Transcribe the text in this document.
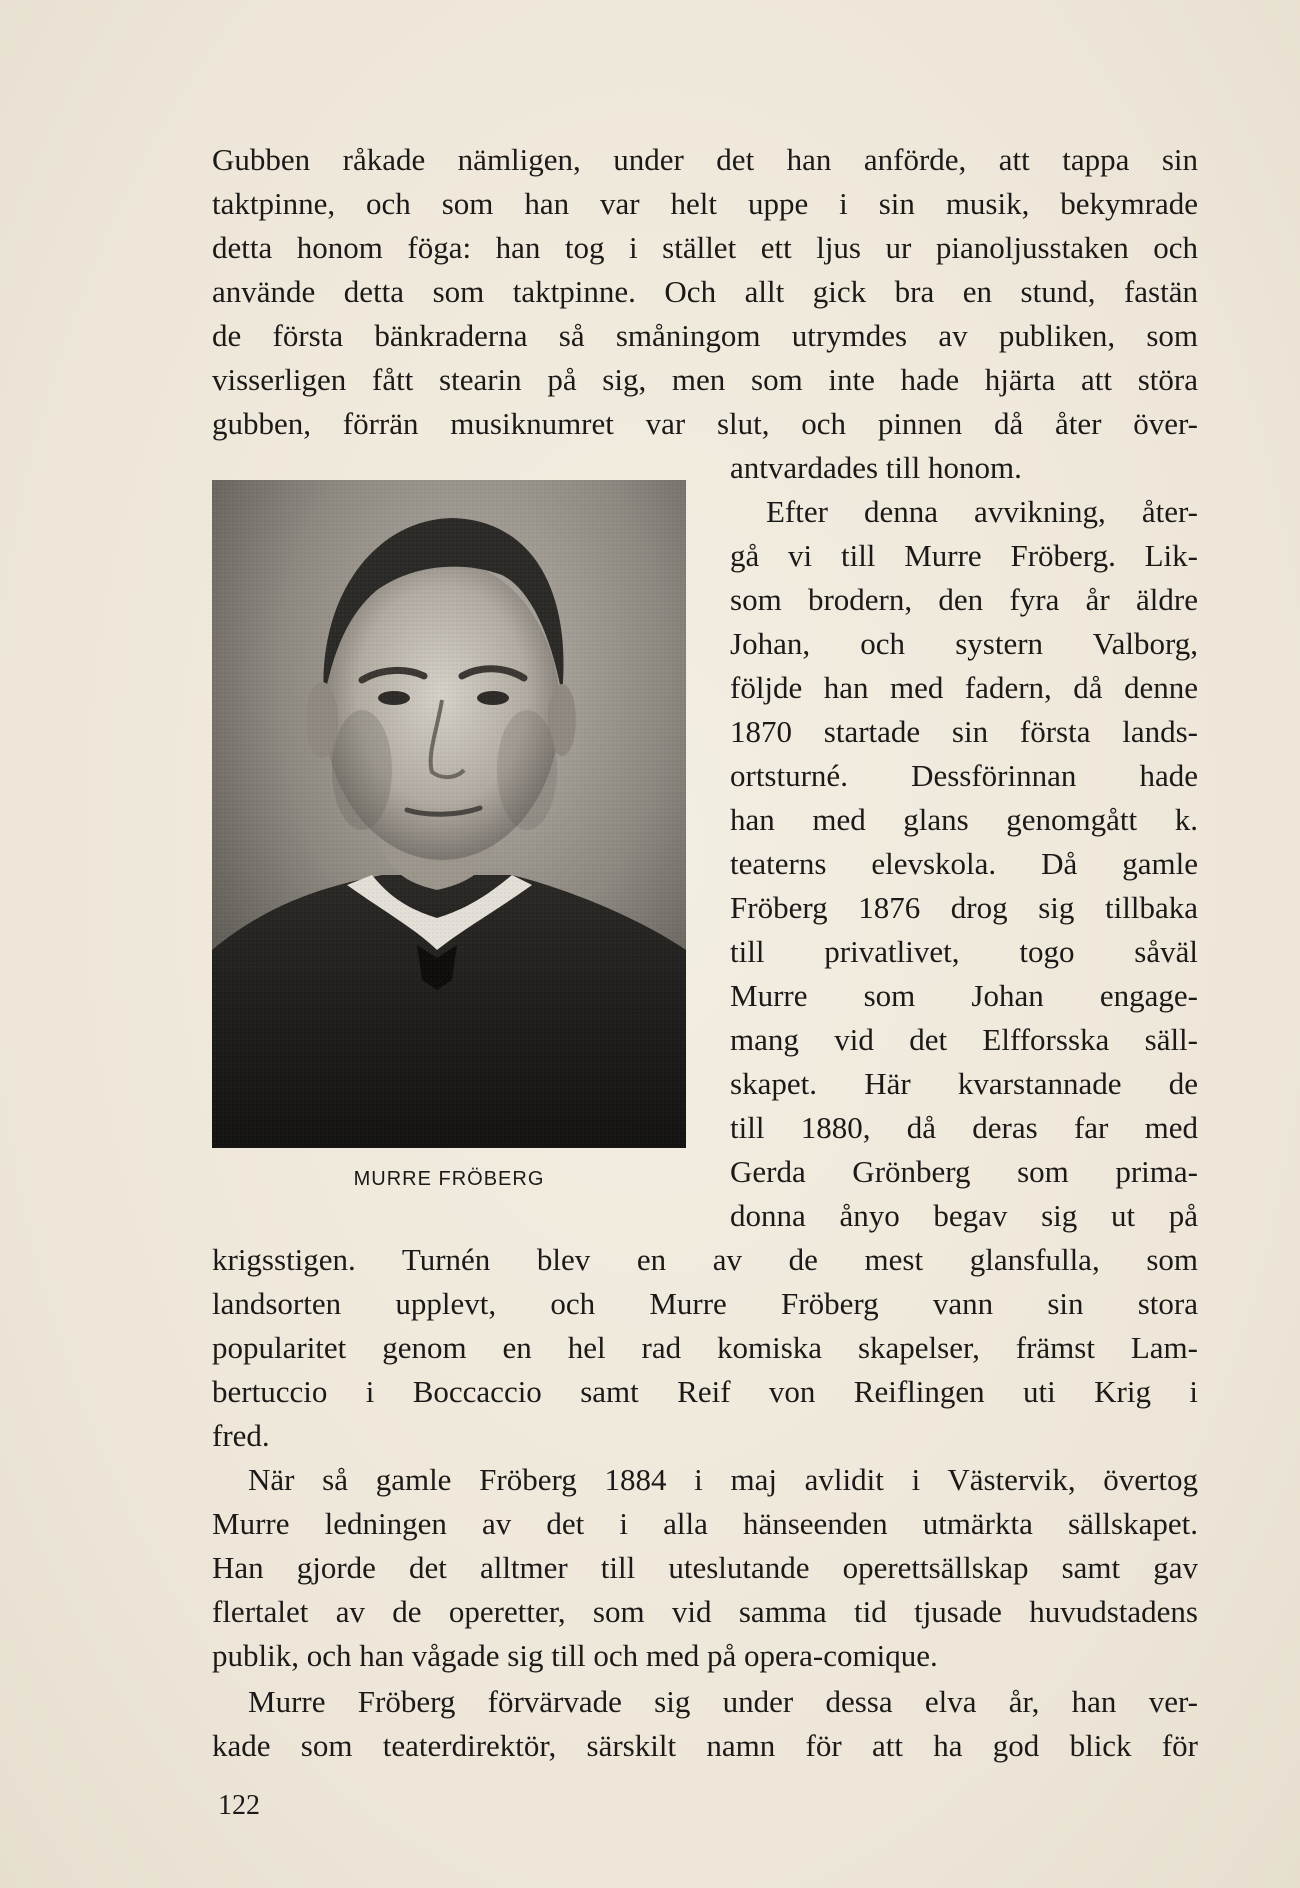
Gubben råkade nämligen, under det han anförde, att tappa sin
taktpinne, och som han var helt uppe i sin musik, bekymrade
detta honom föga: han tog i stället ett ljus ur pianoljusstaken och
använde detta som taktpinne. Och allt gick bra en stund, fastän
de första bänkraderna så småningom utrymdes av publiken, som
visserligen fått stearin på sig, men som inte hade hjärta att störa
gubben, förrän musiknumret var slut, och pinnen då åter över-
antvardades till honom.
Efter denna avvikning, åter-
gå vi till Murre Fröberg. Lik-
som brodern, den fyra år äldre
Johan, och systern Valborg,
följde han med fadern, då denne
1870 startade sin första lands-
ortsturné. Dessförinnan hade
han med glans genomgått k.
teaterns elevskola. Då gamle
Fröberg 1876 drog sig tillbaka
till privatlivet, togo såväl
Murre som Johan engage-
mang vid det Elfforsska säll-
skapet. Här kvarstannade de
till 1880, då deras far med
Gerda Grönberg som prima-
donna ånyo begav sig ut på
krigsstigen. Turnén blev en av de mest glansfulla, som
landsorten upplevt, och Murre Fröberg vann sin stora
popularitet genom en hel rad komiska skapelser, främst Lam-
bertuccio i Boccaccio samt Reif von Reiflingen uti Krig i
fred.
När så gamle Fröberg 1884 i maj avlidit i Västervik, övertog
Murre ledningen av det i alla hänseenden utmärkta sällskapet.
Han gjorde det alltmer till uteslutande operettsällskap samt gav
flertalet av de operetter, som vid samma tid tjusade huvudstadens
publik, och han vågade sig till och med på opera-comique.
Murre Fröberg förvärvade sig under dessa elva år, han ver-
kade som teaterdirektör, särskilt namn för att ha god blick för
MURRE FRÖBERG
122
